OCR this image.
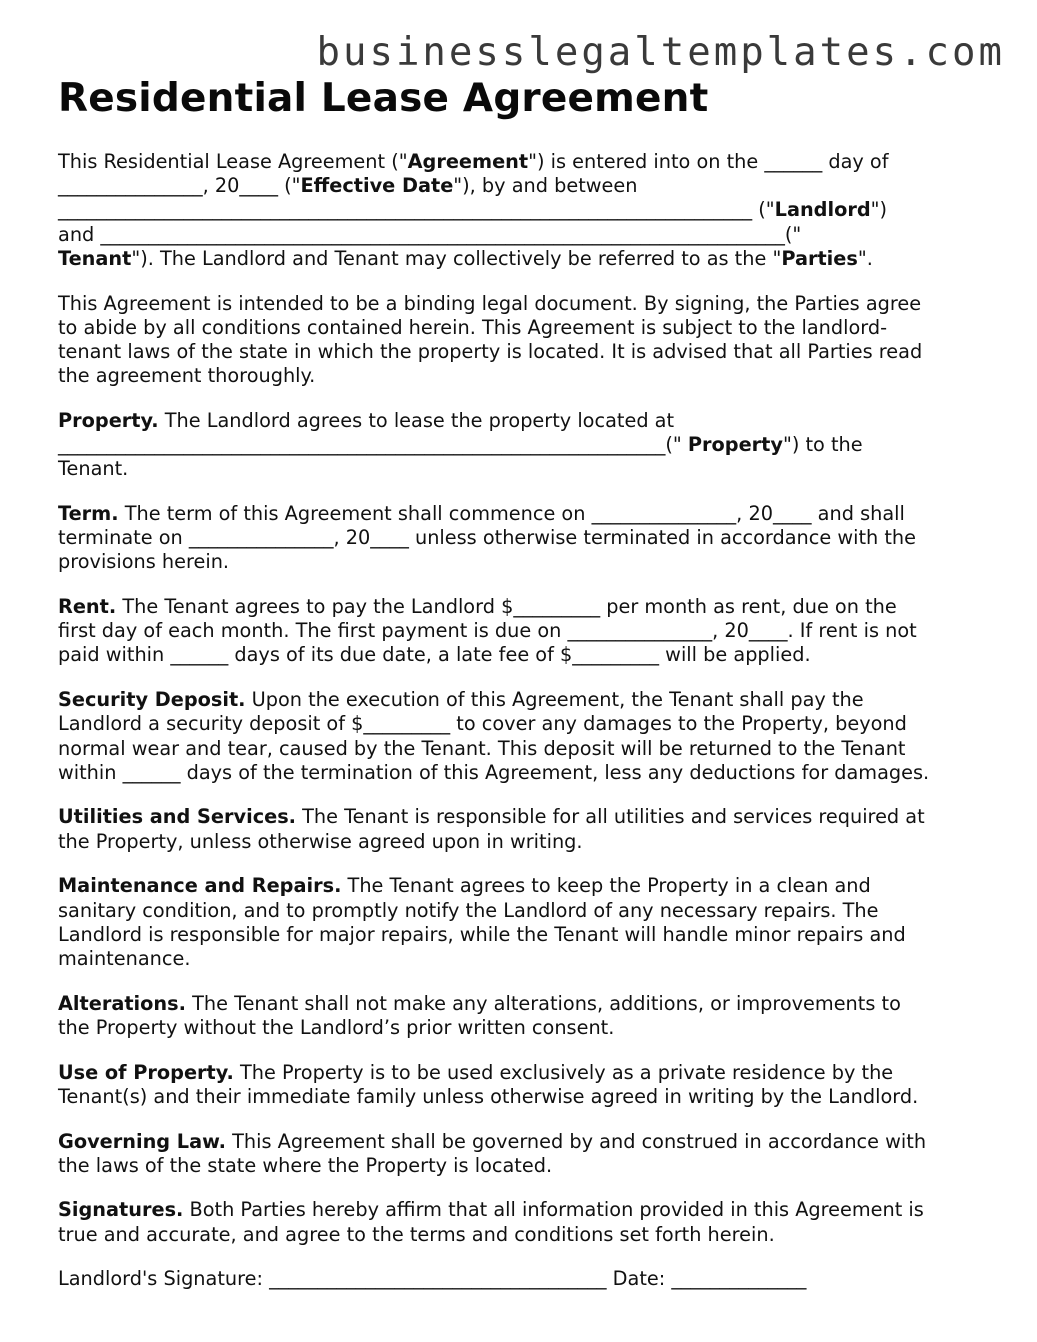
businesslegaltemplates.com
Residential Lease Agreement

This Residential Lease Agreement ("Agreement") is entered into on the ______ day of
_______________, 20____ ("Effective Date"), by and between
________________________________________________________________________ ("Landlord")
and _______________________________________________________________________("
Tenant"). The Landlord and Tenant may collectively be referred to as the "Parties".

This Agreement is intended to be a binding legal document. By signing, the Parties agree
to abide by all conditions contained herein. This Agreement is subject to the landlord-
tenant laws of the state in which the property is located. It is advised that all Parties read
the agreement thoroughly.

Property. The Landlord agrees to lease the property located at
_______________________________________________________________(" Property") to the
Tenant.

Term. The term of this Agreement shall commence on _______________, 20____ and shall
terminate on _______________, 20____ unless otherwise terminated in accordance with the
provisions herein.

Rent. The Tenant agrees to pay the Landlord $_________ per month as rent, due on the
first day of each month. The first payment is due on _______________, 20____. If rent is not
paid within ______ days of its due date, a late fee of $_________ will be applied.

Security Deposit. Upon the execution of this Agreement, the Tenant shall pay the
Landlord a security deposit of $_________ to cover any damages to the Property, beyond
normal wear and tear, caused by the Tenant. This deposit will be returned to the Tenant
within ______ days of the termination of this Agreement, less any deductions for damages.

Utilities and Services. The Tenant is responsible for all utilities and services required at
the Property, unless otherwise agreed upon in writing.

Maintenance and Repairs. The Tenant agrees to keep the Property in a clean and
sanitary condition, and to promptly notify the Landlord of any necessary repairs. The
Landlord is responsible for major repairs, while the Tenant will handle minor repairs and
maintenance.

Alterations. The Tenant shall not make any alterations, additions, or improvements to
the Property without the Landlord’s prior written consent.

Use of Property. The Property is to be used exclusively as a private residence by the
Tenant(s) and their immediate family unless otherwise agreed in writing by the Landlord.

Governing Law. This Agreement shall be governed by and construed in accordance with
the laws of the state where the Property is located.

Signatures. Both Parties hereby affirm that all information provided in this Agreement is
true and accurate, and agree to the terms and conditions set forth herein.

Landlord's Signature: ___________________________________ Date: ______________
